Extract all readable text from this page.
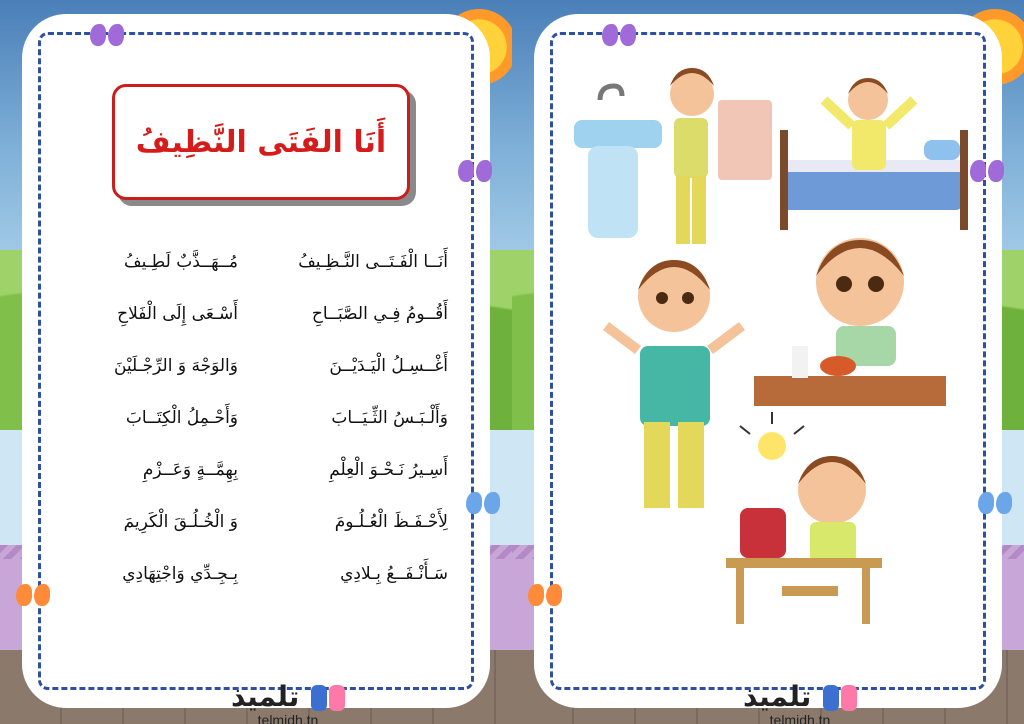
أَنَا الفَتَى النَّظِيفُ
أَنَــا الْفَـتَــى النَّـظِـيفُ
مُــهَــذَّبٌ لَطِـيفُ
أَقُــومُ فِـي الصَّبَــاحِ
أَسْـعَى إِلَى الْفَلاحِ
أَغْــسِـلُ الْيَـدَيْــنَ
وَالوَجْهَ وَ الرِّجْـلَيْنَ
وَأَلْـبَـسُ الثِّـيَــابَ
وَأَحْـمِلُ الْكِتَــابَ
أَسِـيرُ نَـحْـوَ الْعِلْمِ
بِهِمَّــةٍ وَعَــزْمِ
لِأَحْـفَـظَ الْعُـلُـومَ
وَ الْخُـلُـقَ الْكَرِيمَ
سَـأَنْـفَــعُ بِـلادِي
بِـجِـدِّي وَاجْتِهَادِي
تلميذ
telmidh.tn
تلميذ
telmidh.tn
